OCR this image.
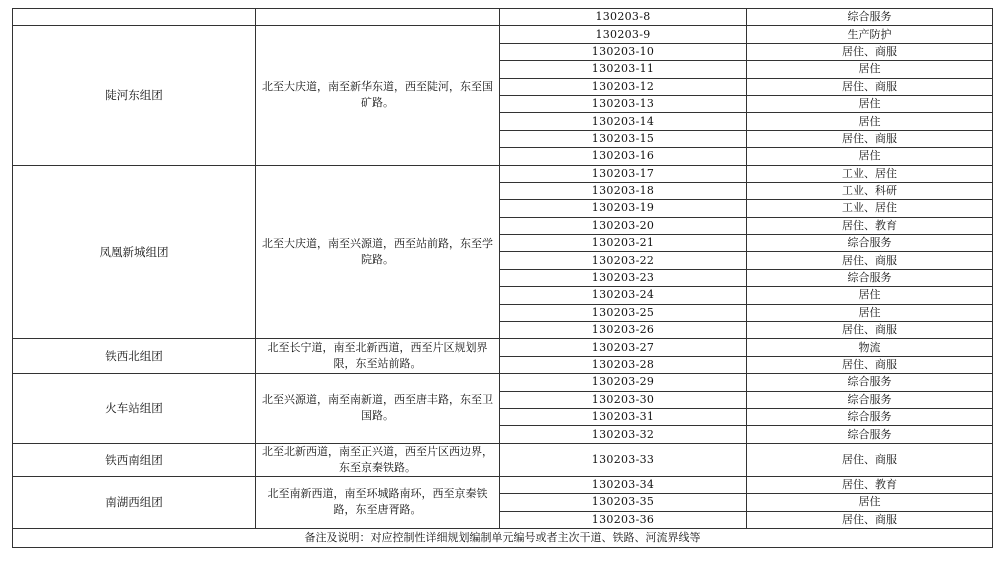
		130203-8	综合服务
陡河东组团	北至大庆道，南至新华东道，西至陡河，东至国矿路。	130203-9	生产防护
		130203-10	居住、商服
		130203-11	居住
		130203-12	居住、商服
		130203-13	居住
		130203-14	居住
		130203-15	居住、商服
		130203-16	居住
凤凰新城组团	北至大庆道，南至兴源道，西至站前路，东至学院路。	130203-17	工业、居住
		130203-18	工业、科研
		130203-19	工业、居住
		130203-20	居住、教育
		130203-21	综合服务
		130203-22	居住、商服
		130203-23	综合服务
		130203-24	居住
		130203-25	居住
		130203-26	居住、商服
铁西北组团	北至长宁道，南至北新西道，西至片区规划界限，东至站前路。	130203-27	物流
		130203-28	居住、商服
火车站组团	北至兴源道，南至南新道，西至唐丰路，东至卫国路。	130203-29	综合服务
		130203-30	综合服务
		130203-31	综合服务
		130203-32	综合服务
铁西南组团	北至北新西道，南至正兴道，西至片区西边界，东至京秦铁路。	130203-33	居住、商服
南湖西组团	北至南新西道，南至环城路南环，西至京秦铁路，东至唐胥路。	130203-34	居住、教育
		130203-35	居住
		130203-36	居住、商服
备注及说明：对应控制性详细规划编制单元编号或者主次干道、铁路、河流界线等			
